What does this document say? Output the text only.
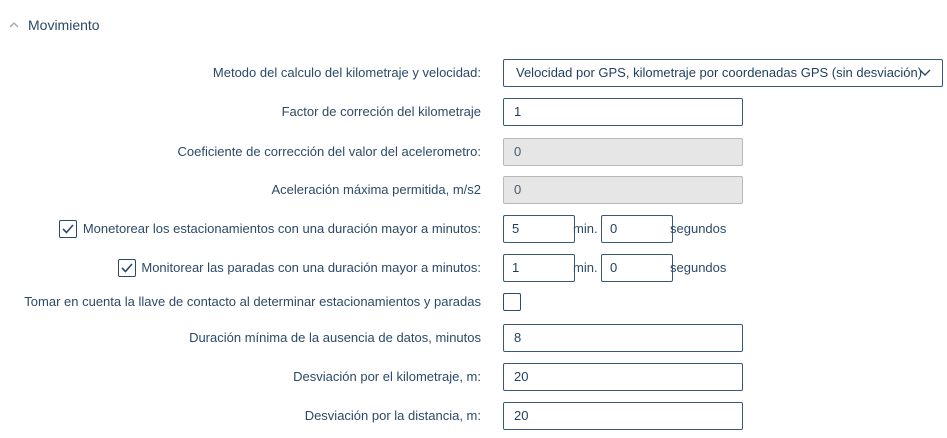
Movimiento
Metodo del calculo del kilometraje y velocidad:	Velocidad por GPS, kilometraje por coordenadas GPS (sin desviación)
Factor de correción del kilometraje	1
Coeficiente de corrección del valor del acelerometro:	0
Aceleración máxima permitida, m/s2	0
Monetorear los estacionamientos con una duración mayor a minutos:	5	min. 0	segundos
Monitorear las paradas con una duración mayor a minutos:	1	min. 0	segundos
Tomar en cuenta la llave de contacto al determinar estacionamientos y paradas
Duración mínima de la ausencia de datos, minutos	8
Desviación por el kilometraje, m:	20
Desviación por la distancia, m:	20
